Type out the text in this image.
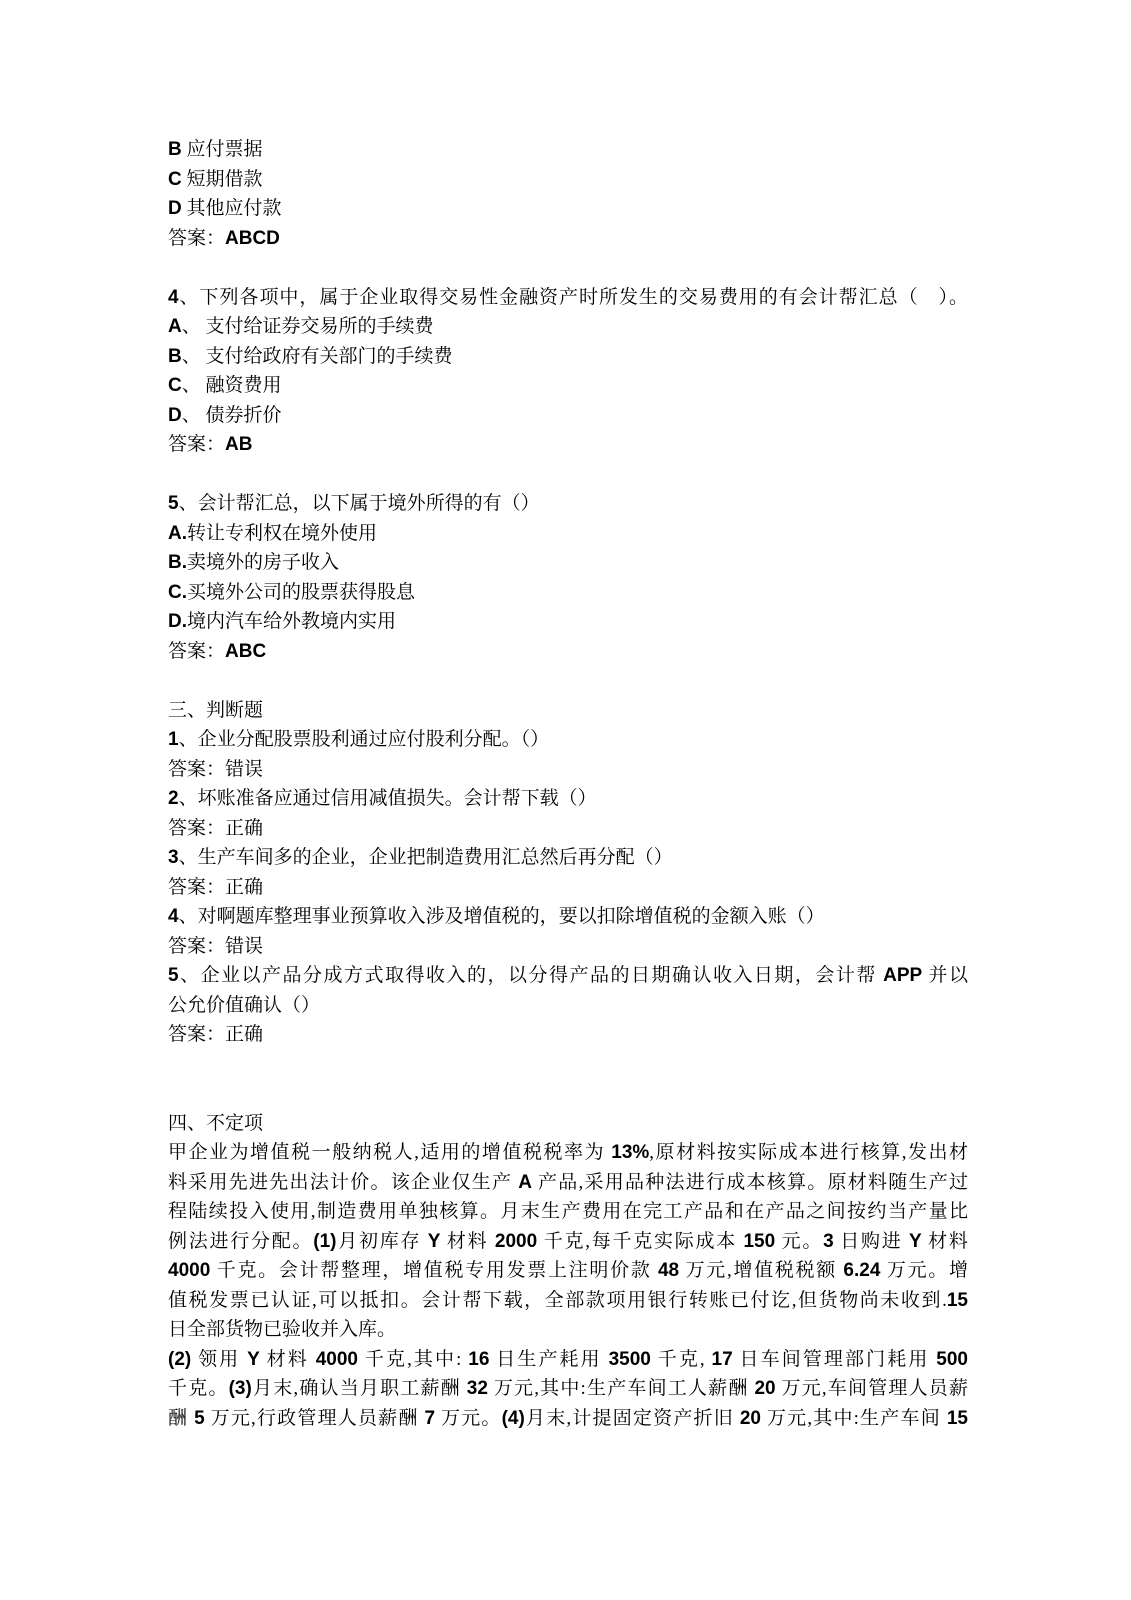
B 应付票据
C 短期借款
D 其他应付款
答案：ABCD
4、下列各项中，属于企业取得交易性金融资产时所发生的交易费用的有会计帮汇总（　）。
A、 支付给证券交易所的手续费
B、 支付给政府有关部门的手续费
C、 融资费用
D、 债券折价
答案：AB
5、会计帮汇总，以下属于境外所得的有（）
A.转让专利权在境外使用
B.卖境外的房子收入
C.买境外公司的股票获得股息
D.境内汽车给外教境内实用
答案：ABC
三、判断题
1、企业分配股票股利通过应付股利分配。（）
答案：错误
2、坏账准备应通过信用减值损失。会计帮下载（）
答案：正确
3、生产车间多的企业，企业把制造费用汇总然后再分配（）
答案：正确
4、对啊题库整理事业预算收入涉及增值税的，要以扣除增值税的金额入账（）
答案：错误
5、企业以产品分成方式取得收入的，以分得产品的日期确认收入日期，会计帮 APP 并以
公允价值确认（）
答案：正确
四、不定项
甲企业为增值税一般纳税人,适用的增值税税率为 13%,原材料按实际成本进行核算,发出材
料采用先进先出法计价。该企业仅生产 A 产品,采用品种法进行成本核算。原材料随生产过
程陆续投入使用,制造费用单独核算。月末生产费用在完工产品和在产品之间按约当产量比
例法进行分配。(1)月初库存 Y 材料 2000 千克,每千克实际成本 150 元。3 日购进 Y 材料
4000 千克。会计帮整理，增值税专用发票上注明价款 48 万元,增值税税额 6.24 万元。增
值税发票已认证,可以抵扣。会计帮下载，全部款项用银行转账已付讫,但货物尚未收到.15
日全部货物已验收并入库。
(2) 领用 Y 材料 4000 千克,其中: 16 日生产耗用 3500 千克, 17 日车间管理部门耗用 500
千克。(3)月末,确认当月职工薪酬 32 万元,其中:生产车间工人薪酬 20 万元,车间管理人员薪
酬 5 万元,行政管理人员薪酬 7 万元。(4)月末,计提固定资产折旧 20 万元,其中:生产车间 15
